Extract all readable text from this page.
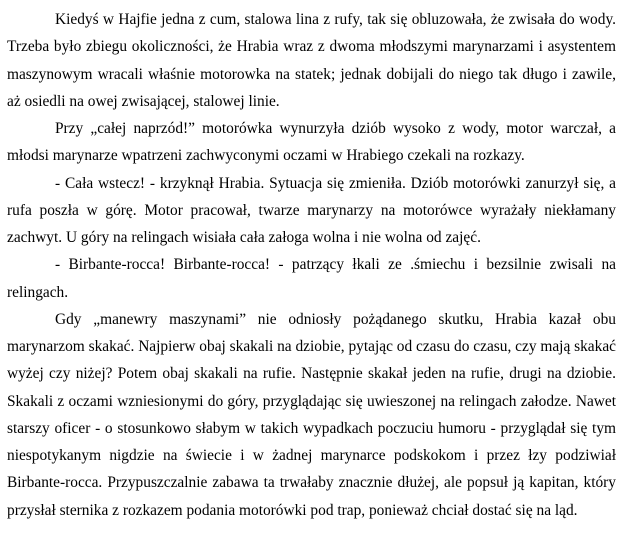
Kiedyś w Hajfie jedna z cum, stalowa lina z rufy, tak się obluzowała, że zwisała do wody. Trzeba było zbiegu okoliczności, że Hrabia wraz z dwoma młodszymi marynarzami i asystentem maszynowym wracali właśnie motorowka na statek; jednak dobijali do niego tak długo i zawile, aż osiedli na owej zwisającej, stalowej linie.

Przy „całej naprzód!” motorówka wynurzyła dziób wysoko z wody, motor warczał, a młodsi marynarze wpatrzeni zachwyconymi oczami w Hrabiego czekali na rozkazy.

- Cała wstecz! - krzyknął Hrabia. Sytuacja się zmieniła. Dziób motorówki zanurzył się, a rufa poszła w górę. Motor pracował, twarze marynarzy na motorówce wyrażały niekłamany zachwyt. U góry na relingach wisiała cała załoga wolna i nie wolna od zajęć.

- Birbante-rocca! Birbante-rocca! - patrzący łkali ze .śmiechu i bezsilnie zwisali na relingach.

Gdy „manewry maszynami” nie odniosły pożądanego skutku, Hrabia kazał obu marynarzom skakać. Najpierw obaj skakali na dziobie, pytając od czasu do czasu, czy mają skakać wyżej czy niżej? Potem obaj skakali na rufie. Następnie skakał jeden na rufie, drugi na dziobie. Skakali z oczami wzniesionymi do góry, przyglądając się uwieszonej na relingach załodze. Nawet starszy oficer - o stosunkowo słabym w takich wypadkach poczuciu humoru - przyglądał się tym niespotykanym nigdzie na świecie i w żadnej marynarce podskokom i przez łzy podziwiał Birbante-rocca. Przypuszczalnie zabawa ta trwałaby znacznie dłużej, ale popsuł ją kapitan, który przysłał sternika z rozkazem podania motorówki pod trap, ponieważ chciał dostać się na ląd.
